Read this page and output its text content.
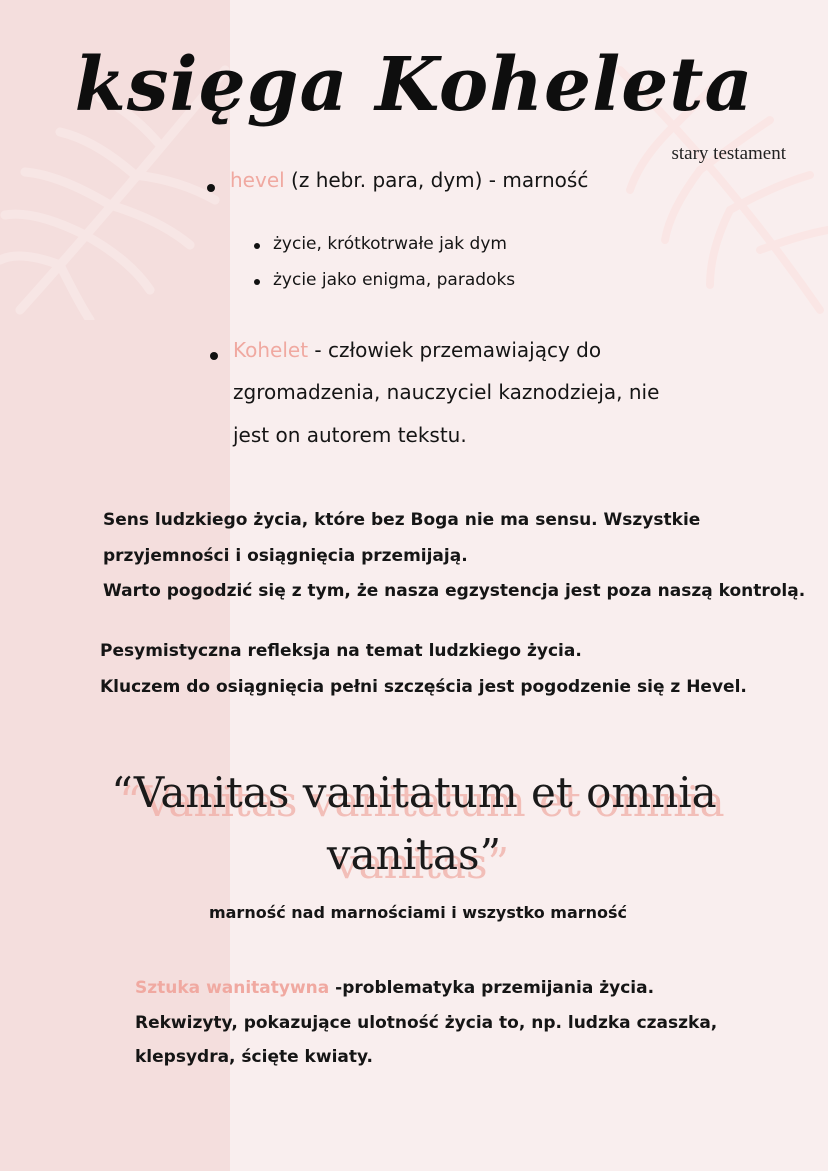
księga Koheleta
stary testament
hevel (z hebr. para, dym) - marność
życie, krótkotrwałe jak dym
życie jako enigma, paradoks
Kohelet - człowiek przemawiający do
zgromadzenia, nauczyciel kaznodzieja, nie
jest on autorem tekstu.
Sens ludzkiego życia, które bez Boga nie ma sensu. Wszystkie
przyjemności i osiągnięcia przemijają.
Warto pogodzić się z tym, że nasza egzystencja jest poza naszą kontrolą.
Pesymistyczna refleksja na temat ludzkiego życia.
Kluczem do osiągnięcia pełni szczęścia jest pogodzenie się z Hevel.
“Vanitas vanitatum et omnia
vanitas”
marność nad marnościami i wszystko marność
Sztuka wanitatywna -problematyka przemijania życia.
Rekwizyty, pokazujące ulotność życia to, np. ludzka czaszka,
klepsydra, ścięte kwiaty.
